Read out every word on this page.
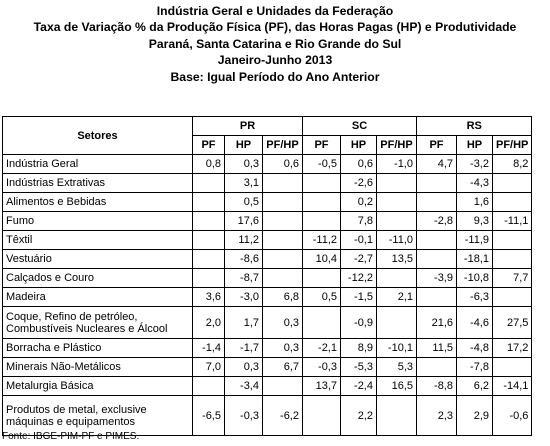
Indústria Geral e Unidades da Federação
Taxa de Variação % da Produção Física (PF), das Horas Pagas (HP) e Produtividade
Paraná, Santa Catarina e Rio Grande do Sul
Janeiro-Junho 2013
Base: Igual Período do Ano Anterior
Setores	PR			SC			RS		
	PF	HP	PF/HP	PF	HP	PF/HP	PF	HP	PF/HP
Indústria Geral	0,8	0,3	0,6	-0,5	0,6	-1,0	4,7	-3,2	8,2
Indústrias Extrativas		3,1			-2,6			-4,3	
Alimentos e Bebidas		0,5			0,2			1,6	
Fumo		17,6			7,8		-2,8	9,3	-11,1
Têxtil		11,2		-11,2	-0,1	-11,0		-11,9	
Vestuário		-8,6		10,4	-2,7	13,5		-18,1	
Calçados e Couro		-8,7			-12,2		-3,9	-10,8	7,7
Madeira	3,6	-3,0	6,8	0,5	-1,5	2,1		-6,3	
Coque, Refino de petróleo, Combustíveis Nucleares e Álcool	2,0	1,7	0,3		-0,9		21,6	-4,6	27,5
Borracha e Plástico	-1,4	-1,7	0,3	-2,1	8,9	-10,1	11,5	-4,8	17,2
Minerais Não-Metálicos	7,0	0,3	6,7	-0,3	-5,3	5,3		-7,8	
Metalurgia Básica		-3,4		13,7	-2,4	16,5	-8,8	6,2	-14,1
Produtos de metal, exclusive máquinas e equipamentos	-6,5	-0,3	-6,2		2,2		2,3	2,9	-0,6
Fonte: IBGE-PIM-PF e PIMES.
